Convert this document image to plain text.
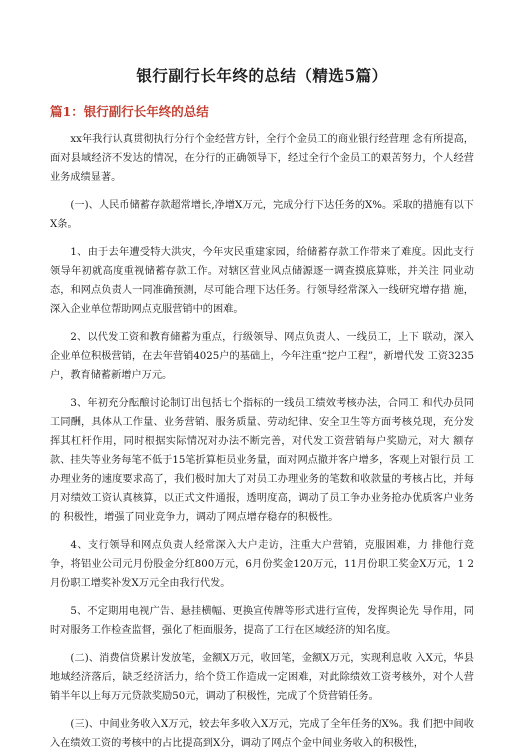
银行副行长年终的总结（精选5篇）
篇1：银行副行长年终的总结

xx年我行认真贯彻执行分行个金经营方针，全行个金员工的商业银行经营理 念有所提高，面对县域经济不发达的情况，在分行的正确领导下，经过全行个金员工的艰苦努力，个人经营业务成绩显著。

(一)、人民币储蓄存款超常增长,净增X万元，完成分行下达任务的X%。采取的措施有以下X条。

1、由于去年遭受特大洪灾，今年灾民重建家园，给储蓄存款工作带来了难度。因此支行领导年初就高度重视储蓄存款工作。对辖区营业风点储源逐一调查摸底算账，并关注 同业动态，和网点负责人一同准确预测，尽可能合理下达任务。行领导经常深入一线研究增存措 施，深入企业单位帮助网点克服营销中的困难。

2、以代发工资和教育储蓄为重点，行级领导、网点负责人、一线员工，上下 联动，深入企业单位积极营销，在去年营销4025户的基础上，今年注重“挖户工程”，新增代发 工资3235户，教育储蓄新增户万元。

3、年初充分酝酿讨论制订出包括七个指标的一线员工绩效考核办法，合同工 和代办员同工同酬，具体从工作量、业务营销、服务质量、劳动纪律、安全卫生等方面考核兑现，充分发挥其杠杆作用，同时根据实际情况对办法不断完善，对代发工资营销每户奖励元，对大 额存款、挂失等业务每笔不低于15笔折算柜员业务量，面对网点撤并客户增多，客观上对银行员 工办理业务的速度要求高了，我们极时加大了对员工办理业务的笔数和收款量的考核占比，并每 月对绩效工资认真核算，以正式文件通报，透明度高，调动了员工争办业务抢办优质客户业务的 积极性，增强了同业竞争力，调动了网点增存稳存的积极性。

4、支行领导和网点负责人经常深入大户走访，注重大户营销，克服困难，力 排他行竞争，将铝业公司元月份股金分红800万元，6月份奖金120万元，11月份职工奖金X万元，1 2月份职工增奖补发X万元全由我行代发。

5、不定期用电视广告、悬挂横幅、更换宣传牌等形式进行宣传，发挥舆论先 导作用，同时对服务工作检查监督，强化了柜面服务，提高了工行在区域经济的知名度。

(二)、消费信贷累计发放笔，金额X万元，收回笔，金额X万元，实现利息收 入X元，华县地域经济落后，缺乏经济活力，给个贷工作造成一定困难，对此除绩效工资考核外，对个人营销半年以上每万元贷款奖励50元，调动了积极性，完成了个贷营销任务。

(三)、中间业务收入X万元，较去年多收入X万元，完成了全年任务的X%。我 们把中间收入在绩效工资的考核中的占比提高到X分，调动了网点个金中间业务收入的积极性，
